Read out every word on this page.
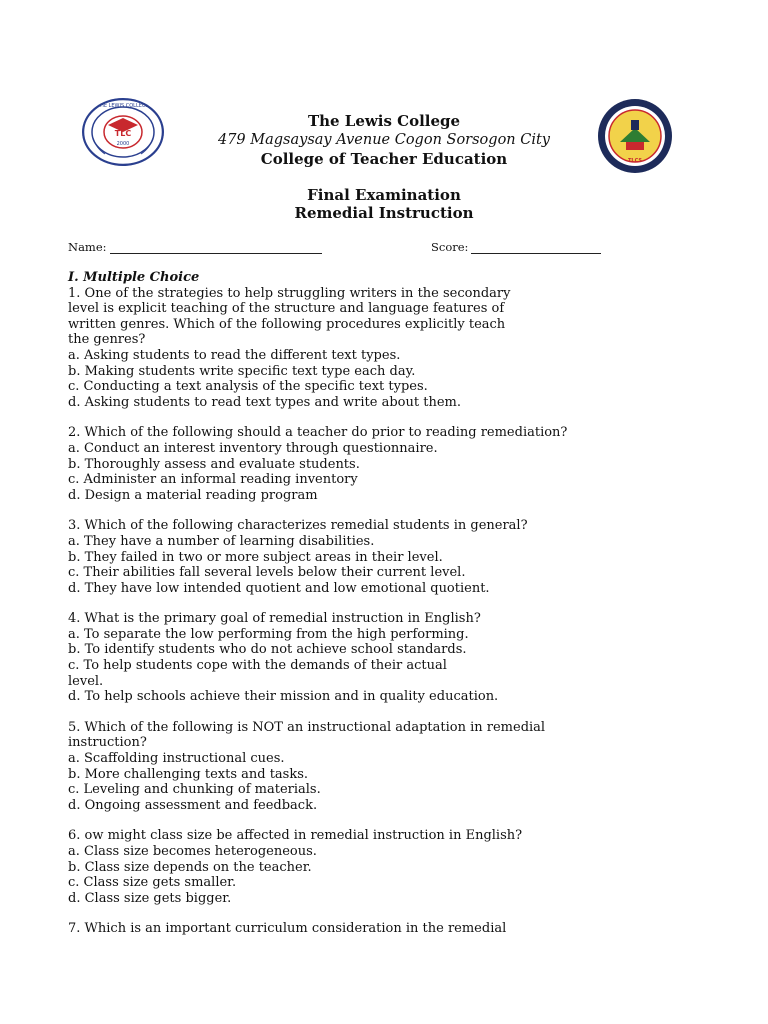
TLC
2000
THE LEWIS COLLEGE
TLCS
The Lewis College
479 Magsaysay Avenue Cogon Sorsogon City
College of Teacher Education
Final Examination
Remedial Instruction
Name:	Score:
I. Multiple Choice
1. One of the strategies to help struggling writers in the secondary
level is explicit teaching of the structure and language features of
written genres. Which of the following procedures explicitly teach
the genres?
a. Asking students to read the different text types.
b. Making students write specific text type each day.
c. Conducting a text analysis of the specific text types.
d. Asking students to read text types and write about them.
2. Which of the following should a teacher do prior to reading remediation?
a. Conduct an interest inventory through questionnaire.
b. Thoroughly assess and evaluate students.
c. Administer an informal reading inventory
d. Design a material reading program
3. Which of the following characterizes remedial students in general?
a. They have a number of learning disabilities.
b. They failed in two or more subject areas in their level.
c. Their abilities fall several levels below their current level.
d. They have low intended quotient and low emotional quotient.
4. What is the primary goal of remedial instruction in English?
a. To separate the low performing from the high performing.
b. To identify students who do not achieve school standards.
c. To help students cope with the demands of their actual
level.
d. To help schools achieve their mission and in quality education.
5. Which of the following is NOT an instructional adaptation in remedial
instruction?
a. Scaffolding instructional cues.
b. More challenging texts and tasks.
c. Leveling and chunking of materials.
d. Ongoing assessment and feedback.
6. ow might class size be affected in remedial instruction in English?
a. Class size becomes heterogeneous.
b. Class size depends on the teacher.
c. Class size gets smaller.
d. Class size gets bigger.
7. Which is an important curriculum consideration in the remedial
